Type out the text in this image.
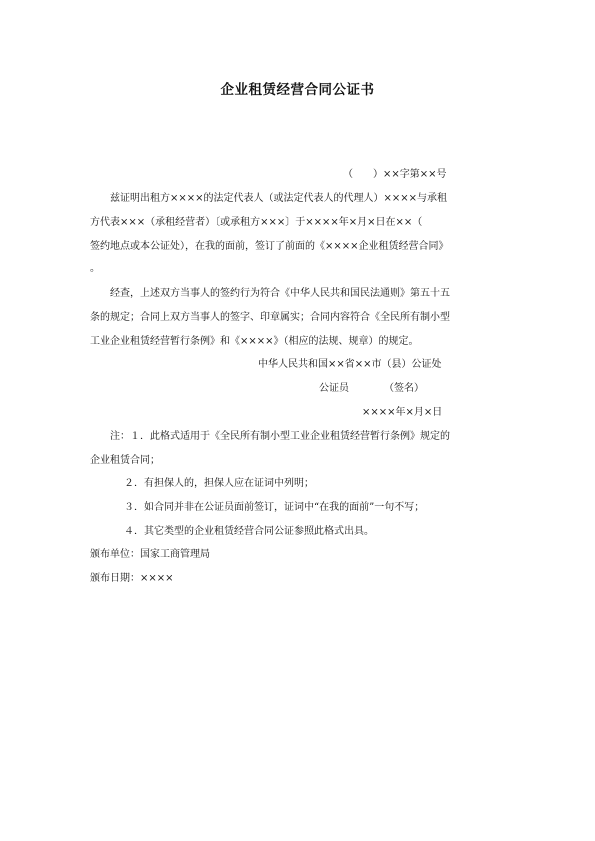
企业租赁经营合同公证书
（　　）××字第××号
兹证明出租方××××的法定代表人（或法定代表人的代理人）××××与承租
方代表×××（承租经营者）〔或承租方×××〕于××××年×月×日在××（
签约地点或本公证处），在我的面前，签订了前面的《××××企业租赁经营合同》
。
经查，上述双方当事人的签约行为符合《中华人民共和国民法通则》第五十五
条的规定；合同上双方当事人的签字、印章属实；合同内容符合《全民所有制小型
工业企业租赁经营暂行条例》和《××××》（相应的法规、规章）的规定。
中华人民共和国××省××市（县）公证处
公证员　　　　（签名）
××××年×月×日
注：１．此格式适用于《全民所有制小型工业企业租赁经营暂行条例》规定的
企业租赁合同；
２．有担保人的，担保人应在证词中列明；
３．如合同并非在公证员面前签订，证词中“在我的面前”一句不写；
４．其它类型的企业租赁经营合同公证参照此格式出具。
颁布单位：国家工商管理局
颁布日期：××××
